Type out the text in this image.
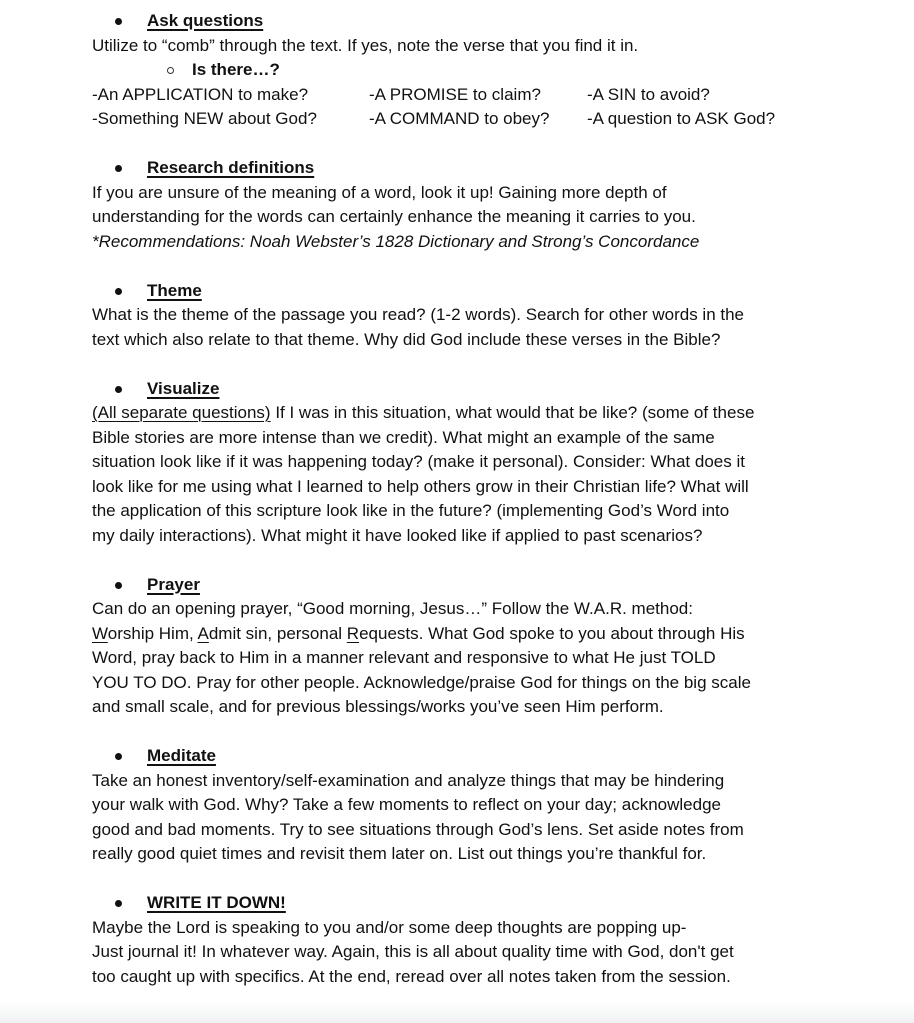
Ask questions
Utilize to “comb” through the text. If yes, note the verse that you find it in.
Is there…?
-An APPLICATION to make?	-A PROMISE to claim?	-A SIN to avoid?
-Something NEW about God?	-A COMMAND to obey?	-A question to ASK God?
Research definitions
If you are unsure of the meaning of a word, look it up! Gaining more depth of
understanding for the words can certainly enhance the meaning it carries to you.
*Recommendations: Noah Webster’s 1828 Dictionary and Strong’s Concordance
Theme
What is the theme of the passage you read? (1-2 words). Search for other words in the
text which also relate to that theme. Why did God include these verses in the Bible?
Visualize
(All separate questions) If I was in this situation, what would that be like? (some of these
Bible stories are more intense than we credit). What might an example of the same
situation look like if it was happening today? (make it personal). Consider: What does it
look like for me using what I learned to help others grow in their Christian life? What will
the application of this scripture look like in the future? (implementing God’s Word into
my daily interactions). What might it have looked like if applied to past scenarios?
Prayer
Can do an opening prayer, “Good morning, Jesus…” Follow the W.A.R. method:
Worship Him, Admit sin, personal Requests. What God spoke to you about through His
Word, pray back to Him in a manner relevant and responsive to what He just TOLD
YOU TO DO. Pray for other people. Acknowledge/praise God for things on the big scale
and small scale, and for previous blessings/works you’ve seen Him perform.
Meditate
Take an honest inventory/self-examination and analyze things that may be hindering
your walk with God. Why? Take a few moments to reflect on your day; acknowledge
good and bad moments. Try to see situations through God’s lens. Set aside notes from
really good quiet times and revisit them later on. List out things you’re thankful for.
WRITE IT DOWN!
Maybe the Lord is speaking to you and/or some deep thoughts are popping up-
Just journal it! In whatever way. Again, this is all about quality time with God, don't get
too caught up with specifics. At the end, reread over all notes taken from the session.
